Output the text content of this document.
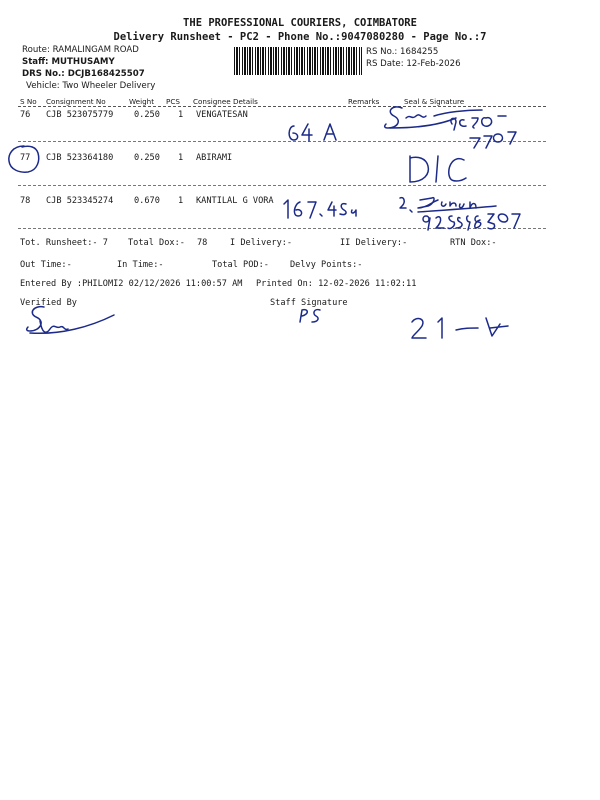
THE PROFESSIONAL COURIERS, COIMBATORE
Delivery Runsheet - PC2 - Phone No.:9047080280 - Page No.:7
Route: RAMALINGAM ROAD
Staff: MUTHUSAMY
DRS No.: DCJB168425507
Vehicle: Two Wheeler Delivery
RS No.: 1684255
RS Date: 12-Feb-2026
S No Consignment No	Weight PCS Consignee Details	Remarks	Seal & Signature
76 CJB 523075779 0.250 1 VENGATESAN
77 CJB 523364180 0.250 1 ABIRAMI
78 CJB 523345274 0.670 1 KANTILAL G VORA
Tot. Runsheet:- 7 Total Dox:- 78	I Delivery:-	II Delivery:-	RTN Dox:-
Out Time:-	In Time:-	Total POD:- Delvy Points:-
Entered By :PHILOMI2 02/12/2026 11:00:57 AM Printed On: 12-02-2026 11:02:11
Verified By	Staff Signature
